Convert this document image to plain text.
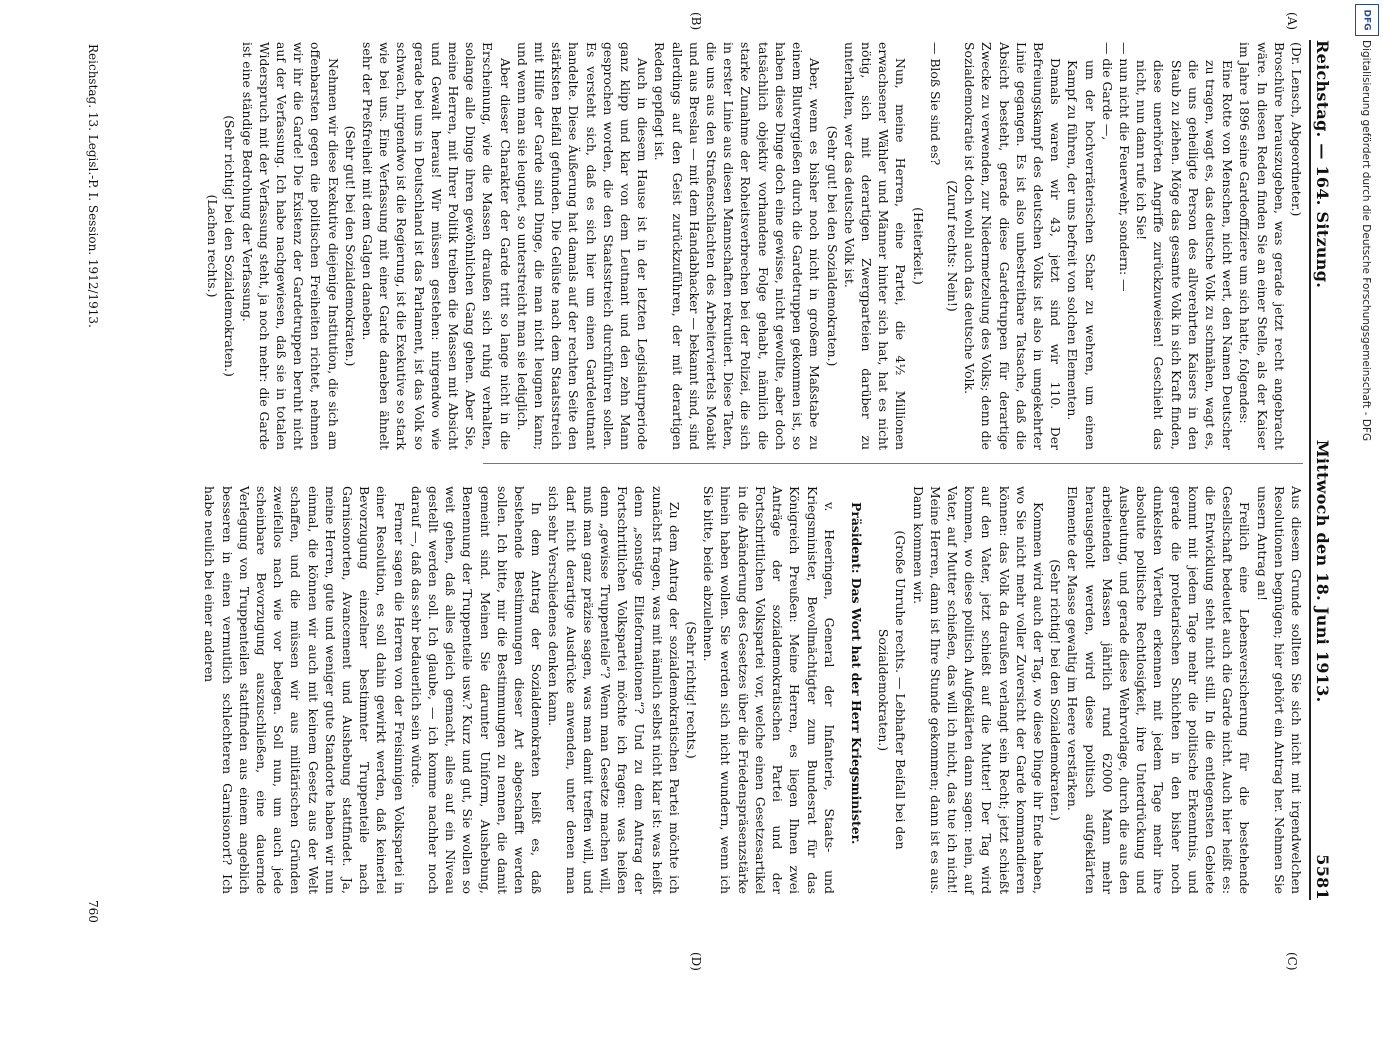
Reichstag. — 164. Sitzung.
Mittwoch den 18. Juni 1913.
5581
(A)
(B)
(C)
(D)

(Dr. Lensch, Abgeordneter.)

Broschüre herauszugeben, was gerade jetzt recht angebracht wäre. In diesen Reden finden Sie an einer Stelle, als der Kaiser im Jahre 1896 seine Gardeoffiziere um sich hatte, folgendes:

Eine Rotte von Menschen, nicht wert, den Namen Deutscher zu tragen, wagt es, das deutsche Volk zu schmähen, wagt es, die uns geheiligte Person des allverehrten Kaisers in den Staub zu ziehen. Möge das gesamte Volk in sich Kraft finden, diese unerhörten Angriffe zurückzuweisen! Geschieht das nicht, nun dann rufe ich Sie!

— nun nicht die Feuerwehr, sondern: —

— die Garde —,

um der hochverräterischen Schar zu wehren, um einen Kampf zu führen, der uns befreit von solchen Elementen.

Damals waren wir 43, jetzt sind wir 110. Der Befreiungskampf des deutschen Volks ist also in umgekehrter Linie gegangen. Es ist also unbestreitbare Tatsache, daß die Absicht besteht, gerade diese Gardetruppen für derartige Zwecke zu verwenden, zur Niedermetzelung des Volks; denn die Sozialdemokratie ist doch wohl auch das deutsche Volk.

(Zuruf rechts: Nein!)

— Bloß Sie sind es?

(Heiterkeit.)

Nun, meine Herren, eine Partei, die 4½ Millionen erwachsener Wähler und Männer hinter sich hat, hat es nicht nötig, sich mit derartigen Zwergparteien darüber zu unterhalten, wer das deutsche Volk ist.

(Sehr gut! bei den Sozialdemokraten.)

Aber, wenn es bisher noch nicht in großem Maßstabe zu einem Blutvergießen durch die Gardetruppen gekommen ist, so haben diese Dinge doch eine gewisse, nicht gewollte, aber doch tatsächlich objektiv vorhandene Folge gehabt, nämlich die starke Zunahme der Roheitsverbrechen bei der Polizei, die sich in erster Linie aus diesen Mannschaften rekrutiert. Diese Taten, die uns aus den Straßenschlachten des Arbeiterviertels Moabit und aus Breslau — mit dem Handabhacker — bekannt sind, sind allerdings auf den Geist zurückzuführen, der mit derartigen Reden gepflegt ist.

Auch in diesem Hause ist in der letzten Legislaturperiode ganz klipp und klar von dem Leutnant und den zehn Mann gesprochen worden, die den Staatsstreich durchführen sollen. Es versteht sich, daß es sich hier um einen Gardeleutnant handelte. Diese Äußerung hat damals auf der rechten Seite den stärksten Beifall gefunden. Die Gelüste nach dem Staatsstreich mit Hilfe der Garde sind Dinge, die man nicht leugnen kann; und wenn man sie leugnet, so unterstreicht man sie lediglich.

Aber dieser Charakter der Garde tritt so lange nicht in die Erscheinung, wie die Massen draußen sich ruhig verhalten, solange alle Dinge ihren gewöhnlichen Gang gehen. Aber Sie, meine Herren, mit Ihrer Politik treiben die Massen mit Absicht und Gewalt heraus! Wir müssen gestehen: nirgendwo wie gerade bei uns in Deutschland ist das Parlament, ist das Volk so schwach, nirgendwo ist die Regierung, ist die Exekutive so stark wie bei uns. Eine Verfassung mit einer Garde daneben ähnelt sehr der Preßfreiheit mit dem Galgen daneben.

(Sehr gut! bei den Sozialdemokraten.)

Nehmen wir diese Exekutive diejenige Institution, die sich am offenbarsten gegen die politischen Freiheiten richtet, nehmen wir ihr die Garde! Die Existenz der Gardetruppen beruht nicht auf der Verfassung. Ich habe nachgewiesen, daß sie in totalen Widerspruch mit der Verfassung steht, ja noch mehr: die Garde ist eine ständige Bedrohung der Verfassung.

(Sehr richtig! bei den Sozialdemokraten.)

(Lachen rechts.)

Aus diesem Grunde sollten Sie sich nicht mit irgendwelchen Resolutionen begnügen; hier gehört ein Antrag her. Nehmen Sie unsern Antrag an!

Freilich eine Lebensversicherung für die bestehende Gesellschaft bedeutet auch die Garde nicht. Auch hier heißt es: die Entwicklung steht nicht still. In die entlegensten Gebiete kommt mit jedem Tage mehr die politische Erkenntnis, und gerade die proletarischen Schichten in den bisher noch dunkelsten Vierteln erkennen mit jedem Tage mehr ihre absolute politische Rechtlosigkeit, ihre Unterdrückung und Ausbeutung, und gerade diese Wehrvorlage, durch die aus den arbeitenden Massen jährlich rund 62000 Mann mehr herausgeholt werden, wird diese politisch aufgeklärten Elemente der Masse gewaltig im Heere verstärken.

(Sehr richtig! bei den Sozialdemokraten.)

Kommen wird auch der Tag, wo diese Dinge ihr Ende haben, wo Sie nicht mehr voller Zuversicht der Garde kommandieren können: das Volk da draußen verlangt sein Recht; jetzt schießt auf den Vater, jetzt schießt auf die Mutter! Der Tag wird kommen, wo diese politisch Aufgeklärten dann sagen: nein, auf Vater, auf Mutter schießen, das will ich nicht, das tue ich nicht! Meine Herren, dann ist Ihre Stunde gekommen; dann ist es aus. Dann kommen wir.

(Große Unruhe rechts. — Lebhafter Beifall bei den Sozialdemokraten.)

Präsident: Das Wort hat der Herr Kriegsminister.

v. Heeringen, General der Infanterie, Staats- und Kriegsminister, Bevollmächtigter zum Bundesrat für das Königreich Preußen: Meine Herren, es liegen Ihnen zwei Anträge der sozialdemokratischen Partei und der Fortschrittlichen Volkspartei vor, welche einen Gesetzesartikel in die Abänderung des Gesetzes über die Friedenspräsenzstärke hinein haben wollen. Sie werden sich nicht wundern, wenn ich Sie bitte, beide abzulehnen.

(Sehr richtig! rechts.)

Zu dem Antrag der sozialdemokratischen Partei möchte ich zunächst fragen, was mit nämlich selbst nicht klar ist: was heißt denn „sonstige Eliteformationen“? Und zu dem Antrag der Fortschrittlichen Volkspartei möchte ich fragen: was heißen denn „gewisse Truppenteile“? Wenn man Gesetze machen will, muß man ganz präzise sagen, was man damit treffen will, und darf nicht derartige Ausdrücke anwenden, unter denen man sich sehr Verschiedenes denken kann.

In dem Antrag der Sozialdemokraten heißt es, daß bestehende Bestimmungen dieser Art abgeschafft werden sollen. Ich bitte, mir die Bestimmungen zu nennen, die damit gemeint sind. Meinen Sie darunter Uniform, Aushebung, Benennung der Truppenteile usw.? Kurz und gut, Sie wollen so weit gehen, daß alles gleich gemacht, alles auf ein Niveau gestellt werden soll. Ich glaube, — ich komme nachher noch darauf —, daß das sehr bedauerlich sein würde.

Ferner sagen die Herren von der Freisinnigen Volkspartei in einer Resolution, es soll dahin gewirkt werden, daß keinerlei Bevorzugung einzelner bestimmter Truppenteile nach Garnisonorten, Avancement und Aushebung stattfindet. Ja, meine Herren, gute und weniger gute Standorte haben wir nun einmal, die können wir auch mit keinem Gesetz aus der Welt schaffen, und die müssen wir aus militärischen Gründen zweifellos nach wie vor belegen. Soll nun, um auch jede scheinbare Bevorzugung auszuschließen, eine dauernde Verlegung von Truppenteilen stattfinden aus einem angeblich besseren in einen vermutlich schlechteren Garnisonort? Ich habe neulich bei einer anderen

Reichstag. 13. Legisl.-P. I. Session. 1912/1913.
760
DFG
Digitalisierung gefördert durch die Deutsche Forschungsgemeinschaft - DFG
